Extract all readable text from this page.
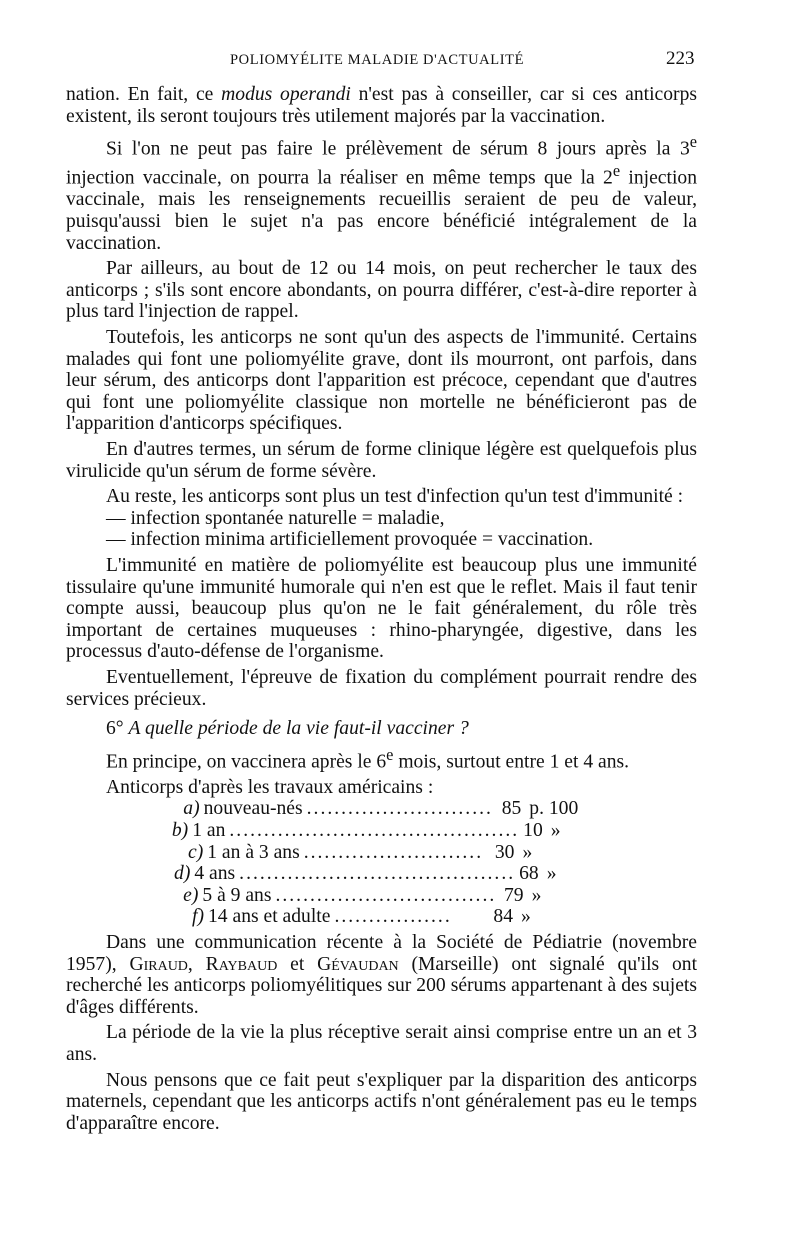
POLIOMYÉLITE MALADIE D'ACTUALITÉ	223

nation. En fait, ce modus operandi n'est pas à conseiller, car si ces anticorps existent, ils seront toujours très utilement majorés par la vaccination.

Si l'on ne peut pas faire le prélèvement de sérum 8 jours après la 3e injection vaccinale, on pourra la réaliser en même temps que la 2e injection vaccinale, mais les renseignements recueillis seraient de peu de valeur, puisqu'aussi bien le sujet n'a pas encore bénéficié intégralement de la vaccination.

Par ailleurs, au bout de 12 ou 14 mois, on peut rechercher le taux des anticorps ; s'ils sont encore abondants, on pourra différer, c'est-à-dire reporter à plus tard l'injection de rappel.

Toutefois, les anticorps ne sont qu'un des aspects de l'immunité. Certains malades qui font une poliomyélite grave, dont ils mourront, ont parfois, dans leur sérum, des anticorps dont l'apparition est précoce, cependant que d'autres qui font une poliomyélite classique non mortelle ne bénéficieront pas de l'apparition d'anticorps spécifiques.

En d'autres termes, un sérum de forme clinique légère est quelquefois plus virulicide qu'un sérum de forme sévère.

Au reste, les anticorps sont plus un test d'infection qu'un test d'immunité :

— infection spontanée naturelle = maladie,

— infection minima artificiellement provoquée = vaccination.

L'immunité en matière de poliomyélite est beaucoup plus une immunité tissulaire qu'une immunité humorale qui n'en est que le reflet. Mais il faut tenir compte aussi, beaucoup plus qu'on ne le fait généralement, du rôle très important de certaines muqueuses : rhino-pharyngée, digestive, dans les processus d'auto-défense de l'organisme.

Eventuellement, l'épreuve de fixation du complément pourrait rendre des services précieux.

6° A quelle période de la vie faut-il vacciner ?

En principe, on vaccinera après le 6e mois, surtout entre 1 et 4 ans.

Anticorps d'après les travaux américains :

a) nouveau-nés ........................... 85 p. 100
b) 1 an .......................................... 10 »
c) 1 an à 3 ans .......................... 30 »
d) 4 ans ........................................ 68 »
e) 5 à 9 ans ................................ 79 »
f) 14 ans et adulte .................	84 »

Dans une communication récente à la Société de Pédiatrie (novembre 1957), Giraud, Raybaud et Gévaudan (Marseille) ont signalé qu'ils ont recherché les anticorps poliomyélitiques sur 200 sérums appartenant à des sujets d'âges différents.

La période de la vie la plus réceptive serait ainsi comprise entre un an et 3 ans.

Nous pensons que ce fait peut s'expliquer par la disparition des anticorps maternels, cependant que les anticorps actifs n'ont généralement pas eu le temps d'apparaître encore.
